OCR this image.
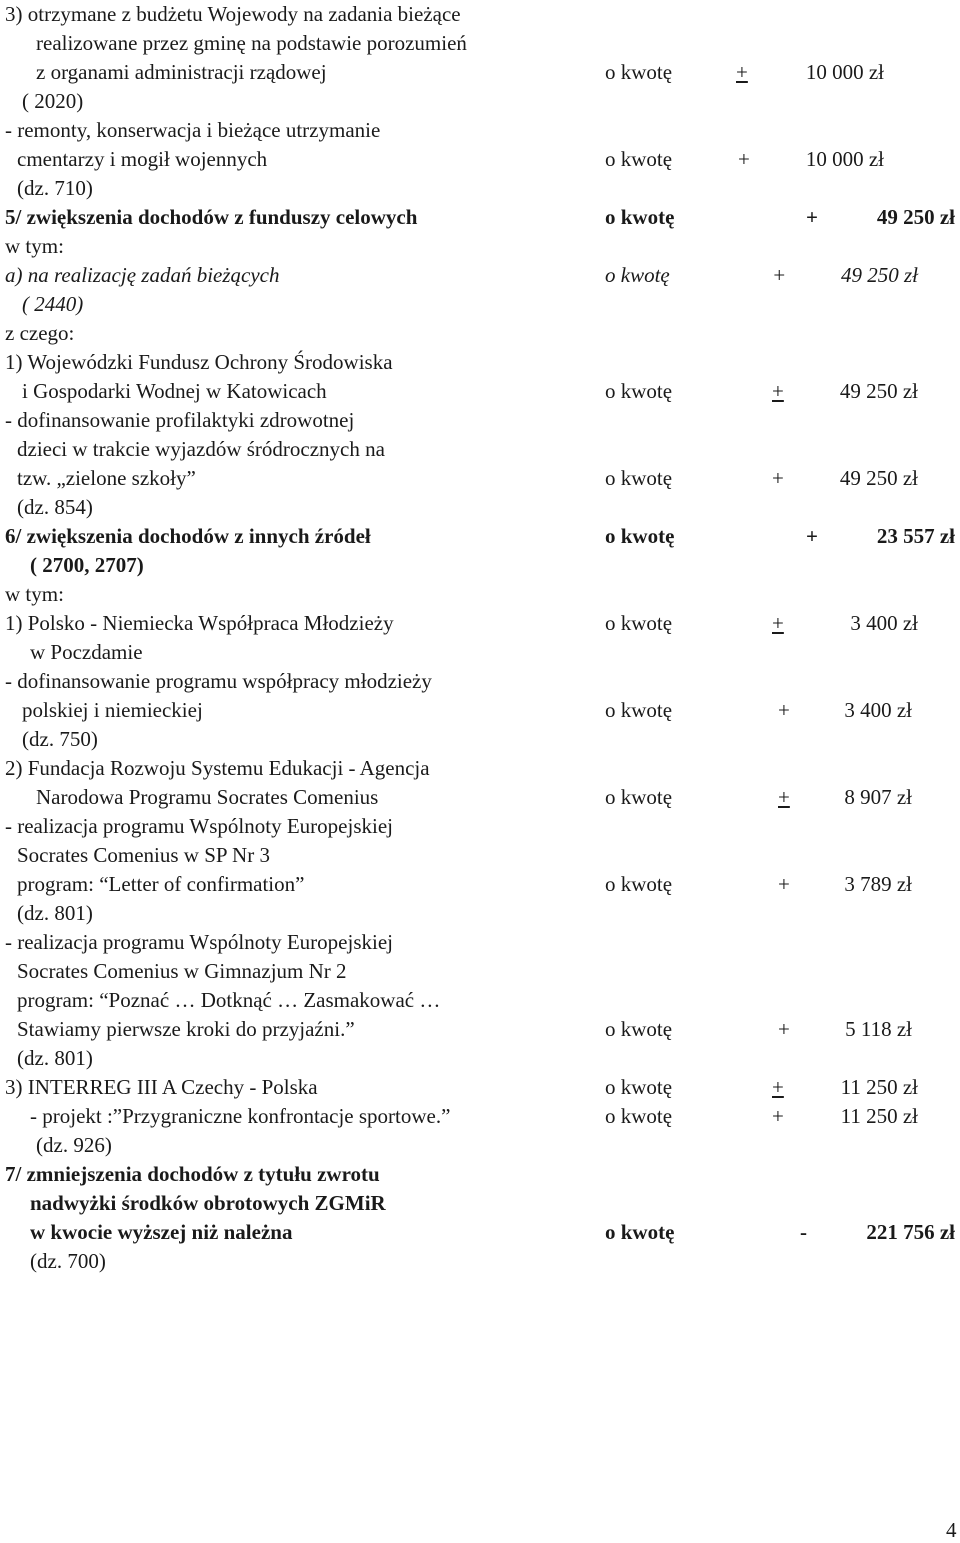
3) otrzymane z budżetu Wojewody na zadania bieżące
realizowane przez gminę na podstawie porozumień
z organami administracji rządowej	o kwotę	+	10 000 zł
( 2020)
- remonty, konserwacja i bieżące utrzymanie
cmentarzy i mogił wojennych	o kwotę	+	10 000 zł
(dz. 710)
5/ zwiększenia dochodów z funduszy celowych	o kwotę	+	49 250 zł
w tym:
a) na realizację zadań bieżących	o kwotę	+	49 250 zł
( 2440)
z czego:
1) Wojewódzki Fundusz Ochrony Środowiska
i Gospodarki Wodnej w Katowicach	o kwotę	+	49 250 zł
- dofinansowanie profilaktyki zdrowotnej
dzieci w trakcie wyjazdów śródrocznych na
tzw. „zielone szkoły”	o kwotę	+	49 250 zł
(dz. 854)
6/ zwiększenia dochodów z innych źródeł	o kwotę	+	23 557 zł
( 2700, 2707)
w tym:
1) Polsko - Niemiecka Współpraca Młodzieży	o kwotę	+	3 400 zł
w Poczdamie
- dofinansowanie programu współpracy młodzieży
polskiej i niemieckiej	o kwotę	+	3 400 zł
(dz. 750)
2) Fundacja Rozwoju Systemu Edukacji - Agencja
Narodowa Programu Socrates Comenius	o kwotę	+	8 907 zł
- realizacja programu Wspólnoty Europejskiej
Socrates Comenius w SP Nr 3
program: “Letter of confirmation”	o kwotę	+	3 789 zł
(dz. 801)
- realizacja programu Wspólnoty Europejskiej
Socrates Comenius w Gimnazjum Nr 2
program: “Poznać … Dotknąć … Zasmakować …
Stawiamy pierwsze kroki do przyjaźni.”	o kwotę	+	5 118 zł
(dz. 801)
3) INTERREG III A Czechy - Polska	o kwotę	+	11 250 zł
- projekt :”Przygraniczne konfrontacje sportowe.”	o kwotę	+	11 250 zł
(dz. 926)
7/ zmniejszenia dochodów z tytułu zwrotu
nadwyżki środków obrotowych ZGMiR
w kwocie wyższej niż należna	o kwotę	-	221 756 zł
(dz. 700)
4
